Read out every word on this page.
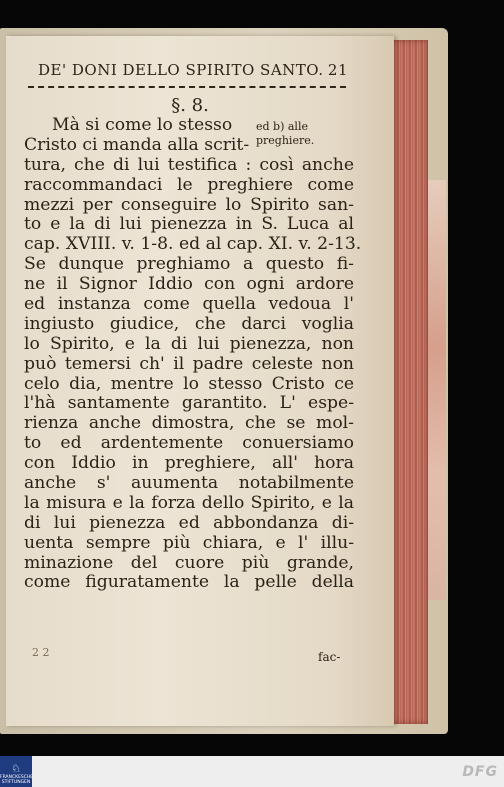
DE' DONI DELLO SPIRITO SANTO. 21
§. 8.
ed b) alle
preghiere.
Mà si come lo stesso
Cristo ci manda alla scrit-
tura, che di lui testifica : così anche
raccommandaci le preghiere come
mezzi per conseguire lo Spirito san-
to e la di lui pienezza in S. Luca al
cap. XVIII. v. 1-8. ed al cap. XI. v. 2-13.
Se dunque preghiamo a questo fi-
ne il Signor Iddio con ogni ardore
ed instanza come quella vedoua l'
ingiusto giudice, che darci voglia
lo Spirito, e la di lui pienezza, non
può temersi ch' il padre celeste non
celo dia, mentre lo stesso Cristo ce
l'hà santamente garantito. L' espe-
rienza anche dimostra, che se mol-
to ed ardentemente conuersiamo
con Iddio in preghiere, all' hora
anche s' auumenta notabilmente
la misura e la forza dello Spirito, e la
di lui pienezza ed abbondanza di-
uenta sempre più chiara, e l' illu-
minazione del cuore più grande,
come figuratamente la pelle della
2 2	fac-
♘
FRANCKESCHE
STIFTUNGEN
DFG
